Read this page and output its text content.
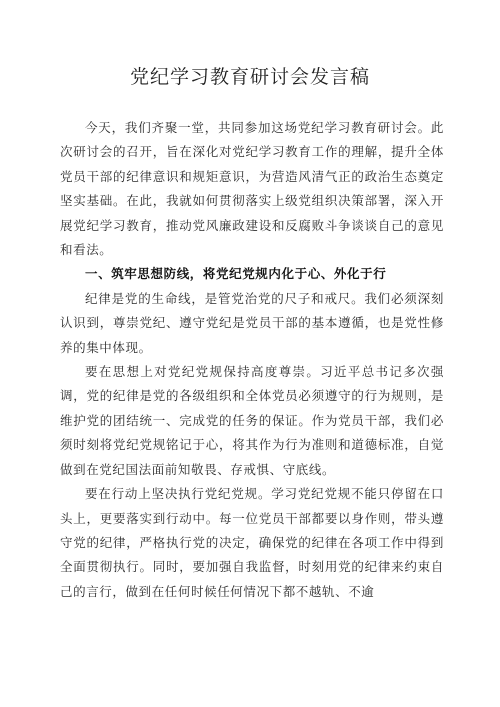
党纪学习教育研讨会发言稿

今天，我们齐聚一堂，共同参加这场党纪学习教育研讨会。此次研讨会的召开，旨在深化对党纪学习教育工作的理解，提升全体党员干部的纪律意识和规矩意识，为营造风清气正的政治生态奠定坚实基础。在此，我就如何贯彻落实上级党组织决策部署，深入开展党纪学习教育，推动党风廉政建设和反腐败斗争谈谈自己的意见和看法。

一、筑牢思想防线，将党纪党规内化于心、外化于行

纪律是党的生命线，是管党治党的尺子和戒尺。我们必须深刻认识到，尊崇党纪、遵守党纪是党员干部的基本遵循，也是党性修养的集中体现。

要在思想上对党纪党规保持高度尊崇。习近平总书记多次强调，党的纪律是党的各级组织和全体党员必须遵守的行为规则，是维护党的团结统一、完成党的任务的保证。作为党员干部，我们必须时刻将党纪党规铭记于心，将其作为行为准则和道德标准，自觉做到在党纪国法面前知敬畏、存戒惧、守底线。

要在行动上坚决执行党纪党规。学习党纪党规不能只停留在口头上，更要落实到行动中。每一位党员干部都要以身作则，带头遵守党的纪律，严格执行党的决定，确保党的纪律在各项工作中得到全面贯彻执行。同时，要加强自我监督，时刻用党的纪律来约束自己的言行，做到在任何时候任何情况下都不越轨、不逾
